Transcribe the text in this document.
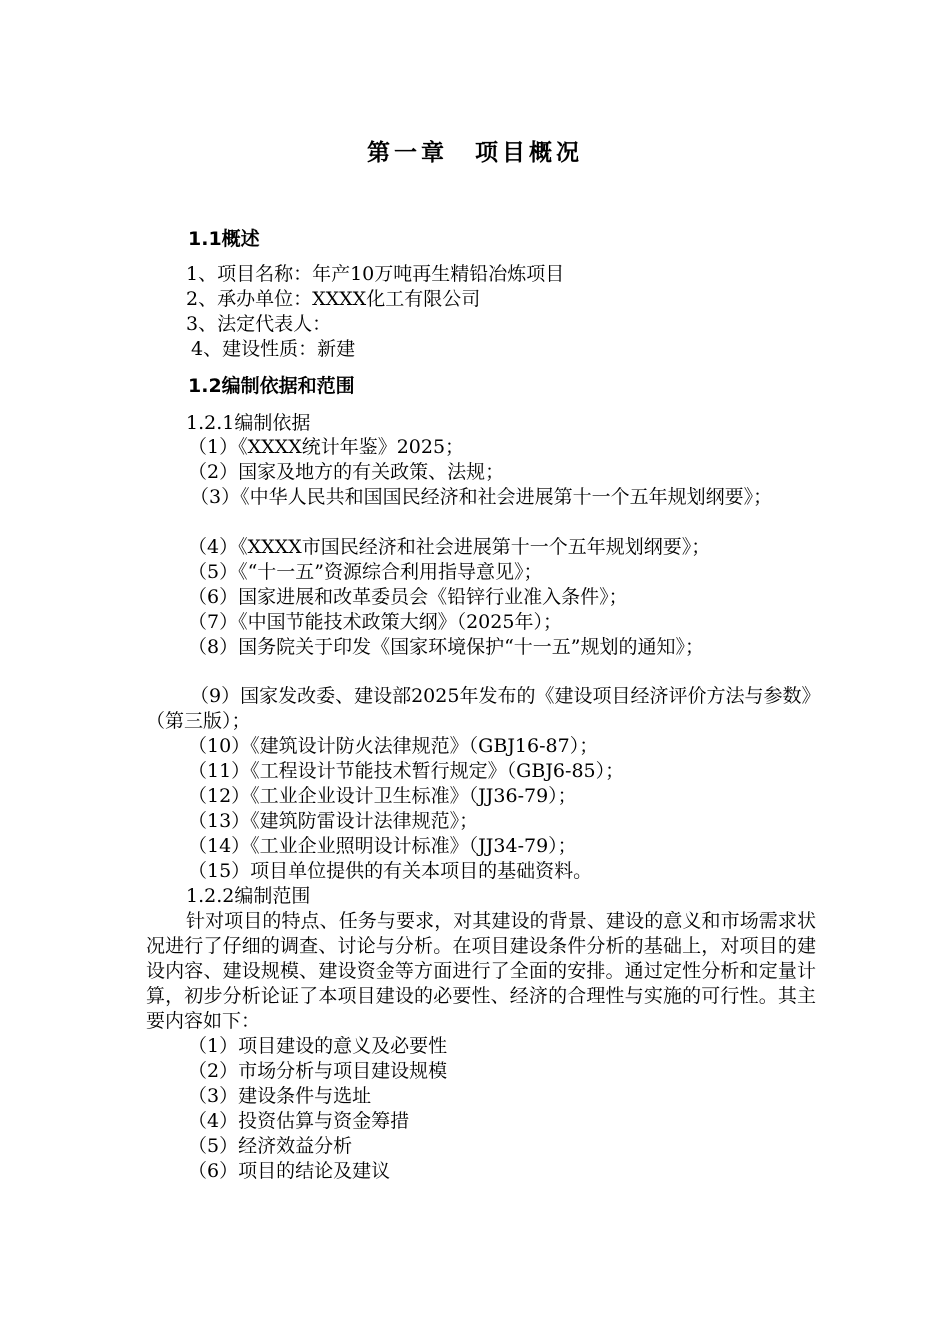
第一章　项目概况
1.1概述
1、项目名称：年产10万吨再生精铅冶炼项目
2、承办单位：XXXX化工有限公司
3、法定代表人：
4、建设性质：新建
1.2编制依据和范围
1.2.1编制依据
（1）《XXXX统计年鉴》2025；
（2）国家及地方的有关政策、法规；
（3）《中华人民共和国国民经济和社会进展第十一个五年规划纲要》；
（4）《XXXX市国民经济和社会进展第十一个五年规划纲要》；
（5）《“十一五”资源综合利用指导意见》；
（6）国家进展和改革委员会《铅锌行业准入条件》；
（7）《中国节能技术政策大纲》（2025年）；
（8）国务院关于印发《国家环境保护“十一五”规划的通知》；
（9）国家发改委、建设部2025年发布的《建设项目经济评价方法与参数》（第三版）；
（10）《建筑设计防火法律规范》（GBJ16-87）；
（11）《工程设计节能技术暂行规定》（GBJ6-85）；
（12）《工业企业设计卫生标准》（JJ36-79）；
（13）《建筑防雷设计法律规范》；
（14）《工业企业照明设计标准》（JJ34-79）；
（15）项目单位提供的有关本项目的基础资料。
1.2.2编制范围
针对项目的特点、任务与要求，对其建设的背景、建设的意义和市场需求状况进行了仔细的调查、讨论与分析。在项目建设条件分析的基础上，对项目的建设内容、建设规模、建设资金等方面进行了全面的安排。通过定性分析和定量计算，初步分析论证了本项目建设的必要性、经济的合理性与实施的可行性。其主要内容如下：
（1）项目建设的意义及必要性
（2）市场分析与项目建设规模
（3）建设条件与选址
（4）投资估算与资金筹措
（5）经济效益分析
（6）项目的结论及建议
